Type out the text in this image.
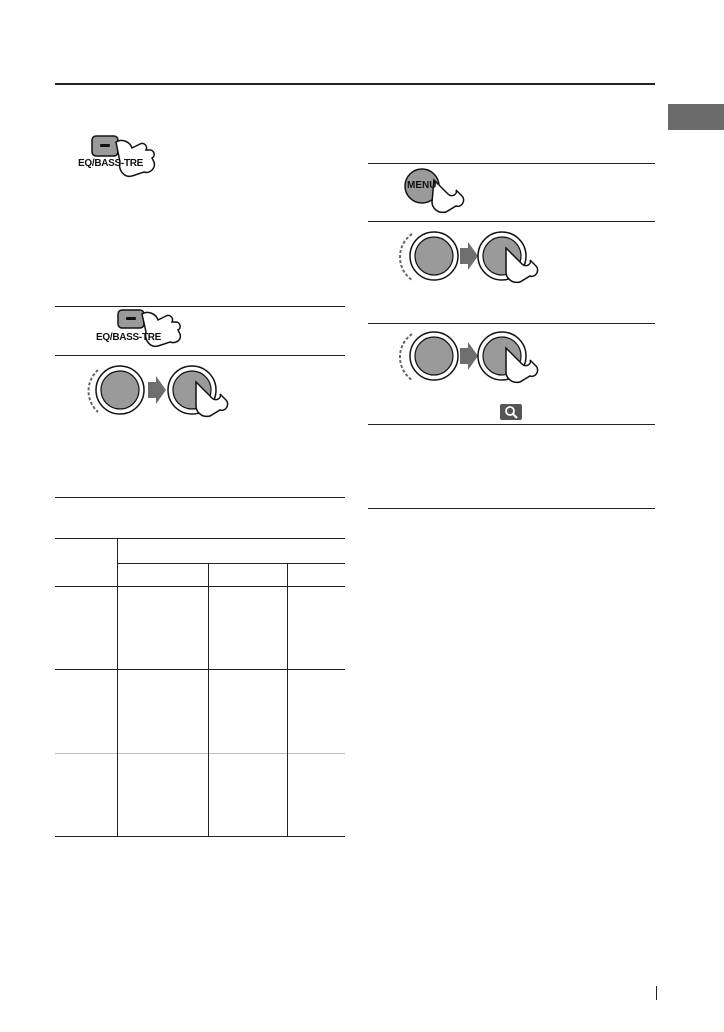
EQ/BASS-TRE
EQ/BASS-TRE
MENU
